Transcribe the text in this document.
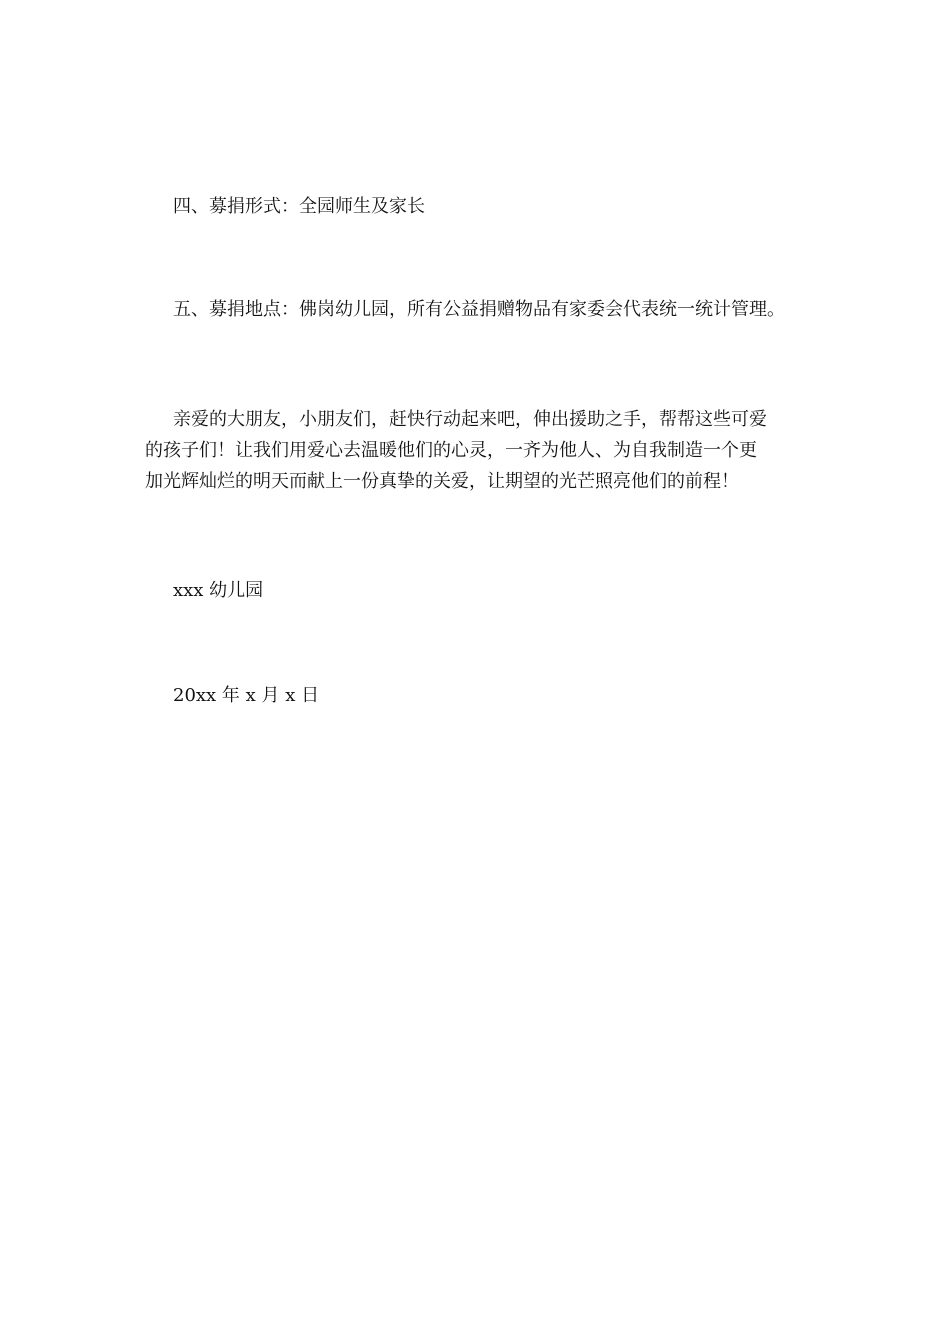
四、募捐形式：全园师生及家长

五、募捐地点：佛岗幼儿园，所有公益捐赠物品有家委会代表统一统计管理。

亲爱的大朋友，小朋友们，赶快行动起来吧，伸出援助之手，帮帮这些可爱
的孩子们！让我们用爱心去温暖他们的心灵，一齐为他人、为自我制造一个更
加光辉灿烂的明天而献上一份真挚的关爱，让期望的光芒照亮他们的前程！

xxx 幼儿园

20xx 年 x 月 x 日
